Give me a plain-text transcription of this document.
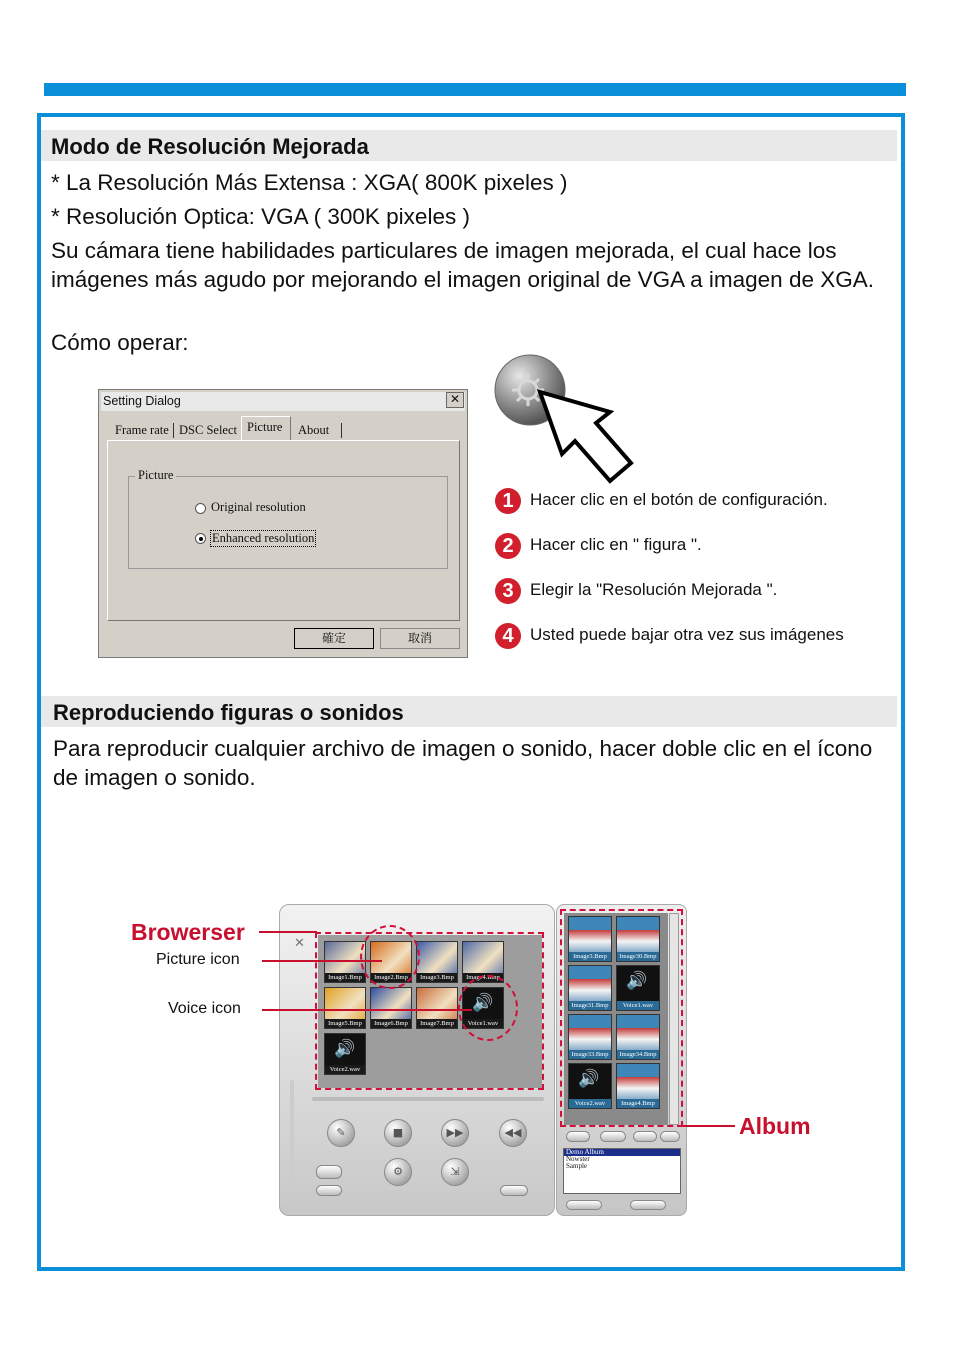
Modo de Resolución Mejorada

* La Resolución Más Extensa : XGA( 800K pixeles )

* Resolución Optica: VGA ( 300K pixeles )

Su cámara tiene habilidades particulares de imagen mejorada, el cual hace los imágenes más agudo por mejorando el imagen original de VGA a imagen de XGA.

Cómo operar:

Setting Dialog	✕
Frame rate DSC Select Picture	About
Picture
Original resolution
Enhanced resolution
確定	取消
1 Hacer clic en el botón de configuración.
2 Hacer clic en " figura ".
3 Elegir la "Resolución Mejorada ".
4 Usted puede bajar otra vez sus imágenes
Reproduciendo figuras o sonidos

Para reproducir cualquier archivo de imagen o sonido, hacer doble clic en el ícono de imagen o sonido.

✕
Image1.Bmp	Image2.Bmp	Image3.Bmp	Image4.Bmp
Image5.Bmp	Image6.Bmp	Image7.Bmp
🔊
Voice1.wav
🔊
Voice2.wav
✎	■	▶▶	◀◀
⚙	⇲
Image3.Bmp	Image30.Bmp
Image31.Bmp
🔊
Voice1.wav
Image33.Bmp	Image34.Bmp
🔊
Voice2.wav	Image4.Bmp
Demo Album
Nowster
Sample
Browerser
Picture icon
Voice icon
Album
